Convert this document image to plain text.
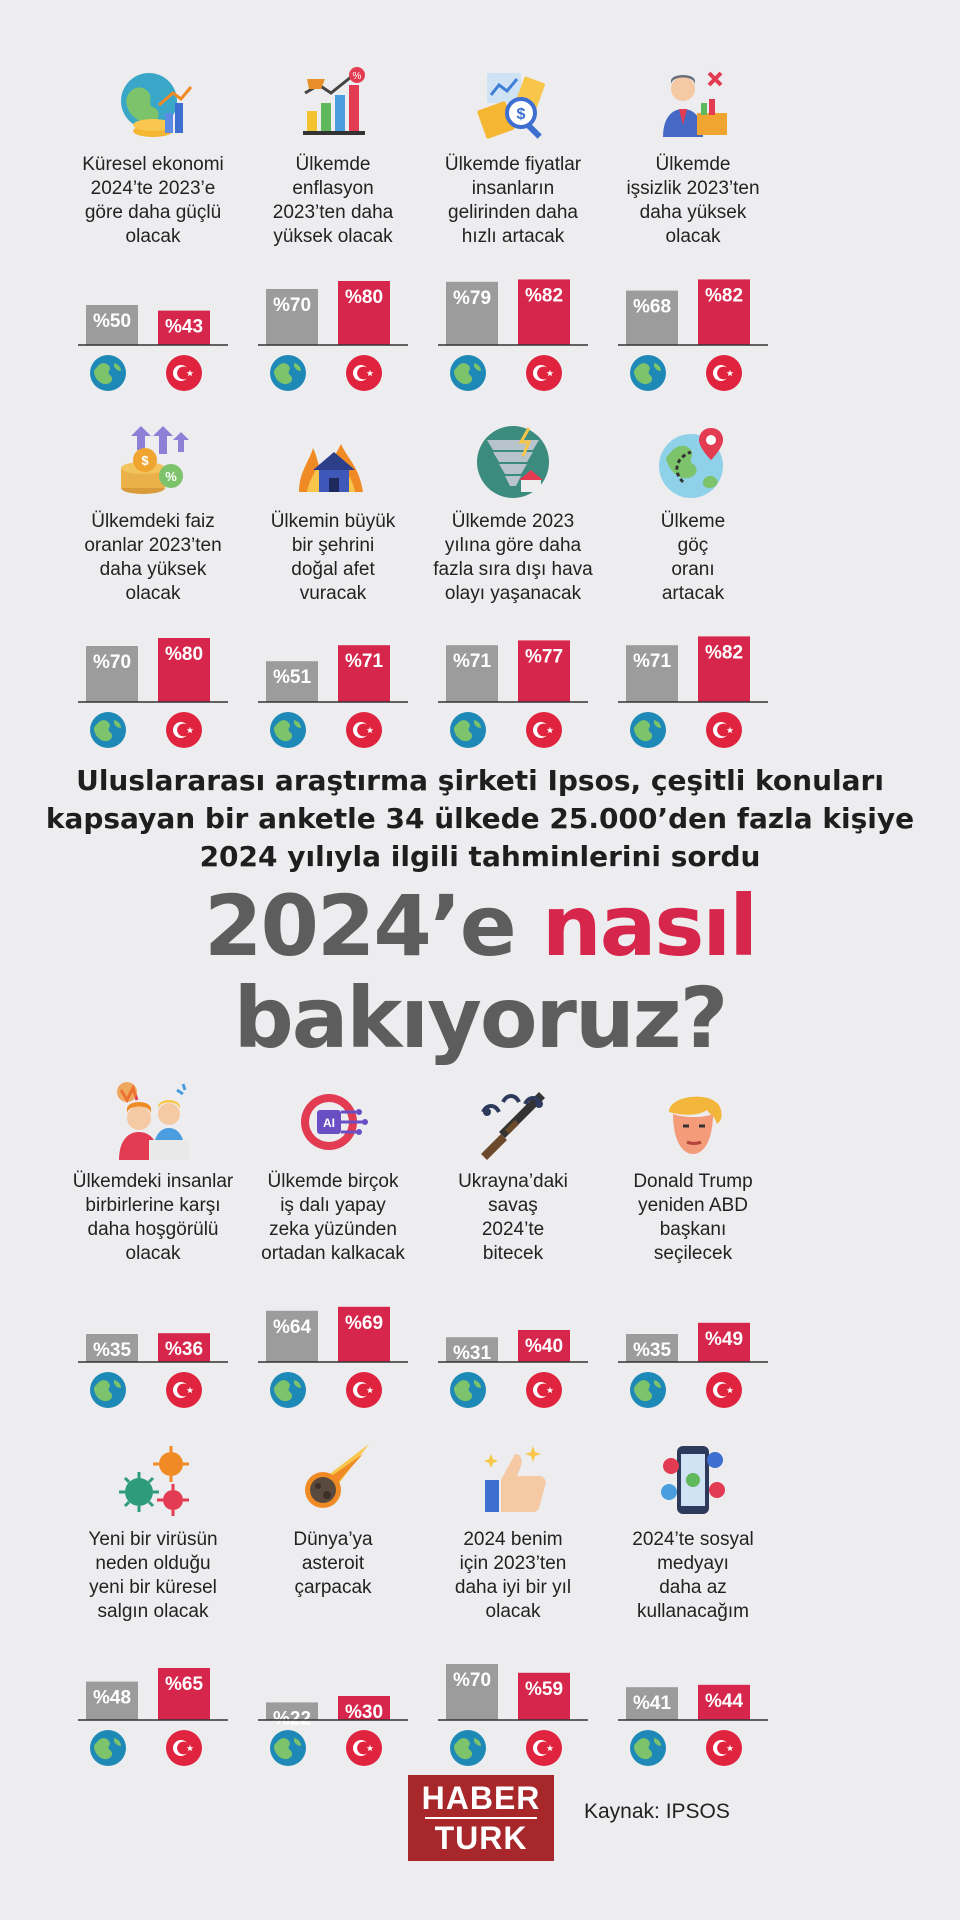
Küresel ekonomi
2024’te 2023’e
göre daha güçlü
olacak
%50 %43
%
Ülkemde
enflasyon
2023’ten daha
yüksek olacak
%70 %80
$
Ülkemde fiyatlar
insanların
gelirinden daha
hızlı artacak
%79 %82
Ülkemde
işsizlik 2023’ten
daha yüksek
olacak
%68
%82
$
%
Ülkemdeki faiz
oranlar 2023’ten
daha yüksek
olacak
%70 %80
Ülkemin büyük
bir şehrini
doğal afet
vuracak
%51
%71
Ülkemde 2023
yılına göre daha
fazla sıra dışı hava
olayı yaşanacak
%71 %77
Ülkeme
göç
oranı
artacak
%71 %82
Ülkemdeki insanlar
birbirlerine karşı
daha hoşgörülü
olacak
%35 %36
AI
Ülkemde birçok
iş dalı yapay
zeka yüzünden
ortadan kalkacak
%64 %69
Ukrayna’daki
savaş
2024’te
bitecek
%31 %40
Donald Trump
yeniden ABD
başkanı
seçilecek
%35
%49
Yeni bir virüsün
neden olduğu
yeni bir küresel
salgın olacak
%48
%65
Dünya’ya
asteroit
çarpacak
%22 %30
2024 benim
için 2023’ten
daha iyi bir yıl
olacak
%70 %59
2024’te sosyal
medyayı
daha az
kullanacağım
%41 %44
Uluslararası araştırma şirketi Ipsos, çeşitli konuları kapsayan bir anketle 34 ülkede 25.000’den fazla kişiye 2024 yılıyla ilgili tahminlerini sordu
2024’e nasıl
bakıyoruz?
HABER
TURK
Kaynak: IPSOS
